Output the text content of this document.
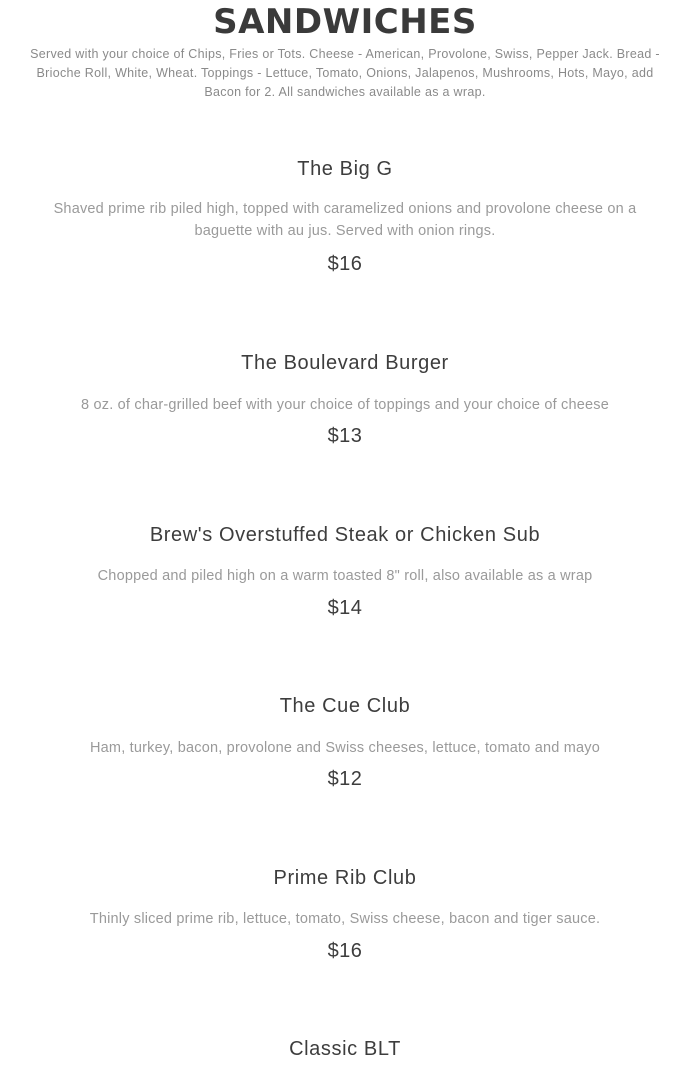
SANDWICHES

Served with your choice of Chips, Fries or Tots. Cheese - American, Provolone, Swiss, Pepper Jack. Bread - Brioche Roll, White, Wheat. Toppings - Lettuce, Tomato, Onions, Jalapenos, Mushrooms, Hots, Mayo, add Bacon for 2. All sandwiches available as a wrap.

The Big G

Shaved prime rib piled high, topped with caramelized onions and provolone cheese on a baguette with au jus. Served with onion rings.

$16

The Boulevard Burger

8 oz. of char-grilled beef with your choice of toppings and your choice of cheese

$13

Brew's Overstuffed Steak or Chicken Sub

Chopped and piled high on a warm toasted 8" roll, also available as a wrap

$14

The Cue Club

Ham, turkey, bacon, provolone and Swiss cheeses, lettuce, tomato and mayo

$12

Prime Rib Club

Thinly sliced prime rib, lettuce, tomato, Swiss cheese, bacon and tiger sauce.

$16

Classic BLT
